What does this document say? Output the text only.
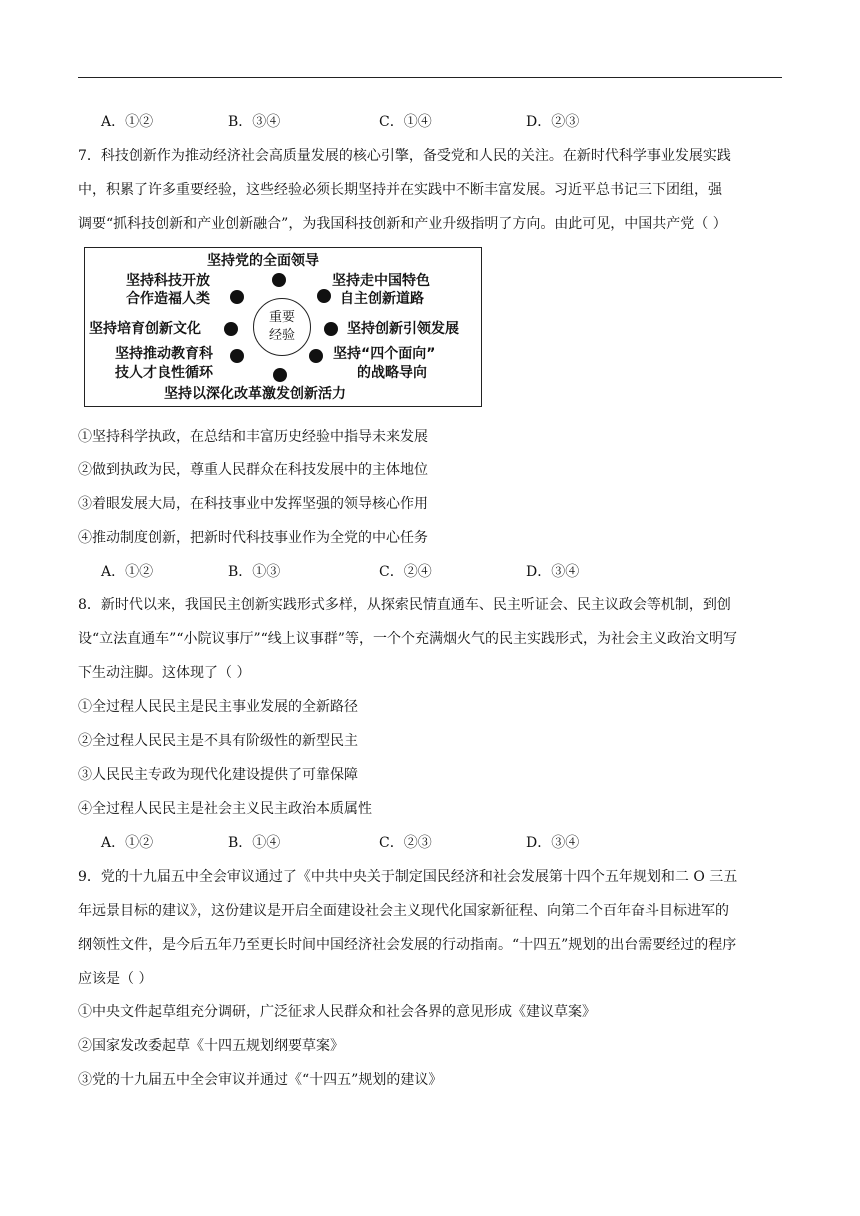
A．①②	B．③④	C．①④	D．②③
7．科技创新作为推动经济社会高质量发展的核心引擎，备受党和人民的关注。在新时代科学事业发展实践
中，积累了许多重要经验，这些经验必须长期坚持并在实践中不断丰富发展。习近平总书记三下团组，强
调要“抓科技创新和产业创新融合”，为我国科技创新和产业升级指明了方向。由此可见，中国共产党（ ）
坚持党的全面领导
坚持科技开放
合作造福人类
坚持走中国特色
自主创新道路
坚持培育创新文化	坚持创新引领发展
坚持推动教育科
技人才良性循环
坚持“四个面向”
的战略导向
坚持以深化改革激发创新活力
重要
经验
①坚持科学执政，在总结和丰富历史经验中指导未来发展
②做到执政为民，尊重人民群众在科技发展中的主体地位
③着眼发展大局，在科技事业中发挥坚强的领导核心作用
④推动制度创新，把新时代科技事业作为全党的中心任务
A．①②	B．①③	C．②④	D．③④
8．新时代以来，我国民主创新实践形式多样，从探索民情直通车、民主听证会、民主议政会等机制，到创
设“立法直通车”“小院议事厅”“线上议事群”等，一个个充满烟火气的民主实践形式，为社会主义政治文明写
下生动注脚。这体现了（ ）
①全过程人民民主是民主事业发展的全新路径
②全过程人民民主是不具有阶级性的新型民主
③人民民主专政为现代化建设提供了可靠保障
④全过程人民民主是社会主义民主政治本质属性
A．①②	B．①④	C．②③	D．③④
9．党的十九届五中全会审议通过了《中共中央关于制定国民经济和社会发展第十四个五年规划和二 O 三五
年远景目标的建议》，这份建议是开启全面建设社会主义现代化国家新征程、向第二个百年奋斗目标进军的
纲领性文件，是今后五年乃至更长时间中国经济社会发展的行动指南。“十四五”规划的出台需要经过的程序
应该是（ ）
①中央文件起草组充分调研，广泛征求人民群众和社会各界的意见形成《建议草案》
②国家发改委起草《十四五规划纲要草案》
③党的十九届五中全会审议并通过《“十四五”规划的建议》
